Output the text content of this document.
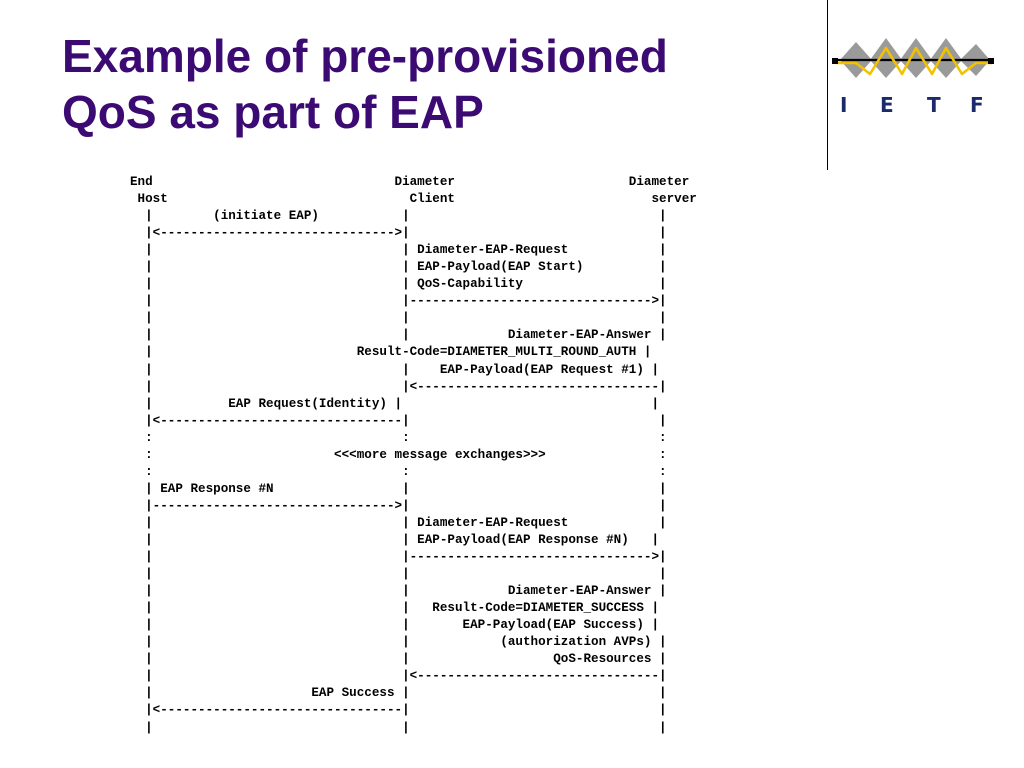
Example of pre-provisioned
QoS as part of EAP	I E T F
End                                Diameter                       Diameter
Host                                Client                          server
|        (initiate EAP)           |                                 |
|<------------------------------->|                                 |
|                                 | Diameter-EAP-Request            |
|                                 | EAP-Payload(EAP Start)          |
|                                 | QoS-Capability                  |
|                                 |-------------------------------->|
|                                 |                                 |
|                                 |             Diameter-EAP-Answer |
|                           Result-Code=DIAMETER_MULTI_ROUND_AUTH |
|                                 |    EAP-Payload(EAP Request #1) |
|                                 |<--------------------------------|
|          EAP Request(Identity) |                                 |
|<--------------------------------|                                 |
:                                 :                                 :
:                        <<<more message exchanges>>>               :
:                                 :                                 :
| EAP Response #N                 |                                 |
|-------------------------------->|                                 |
|                                 | Diameter-EAP-Request            |
|                                 | EAP-Payload(EAP Response #N)   |
|                                 |-------------------------------->|
|                                 |                                 |
|                                 |             Diameter-EAP-Answer |
|                                 |   Result-Code=DIAMETER_SUCCESS |
|                                 |       EAP-Payload(EAP Success) |
|                                 |            (authorization AVPs) |
|                                 |                   QoS-Resources |
|                                 |<--------------------------------|
|                     EAP Success |                                 |
|<--------------------------------|                                 |
|                                 |                                 |
